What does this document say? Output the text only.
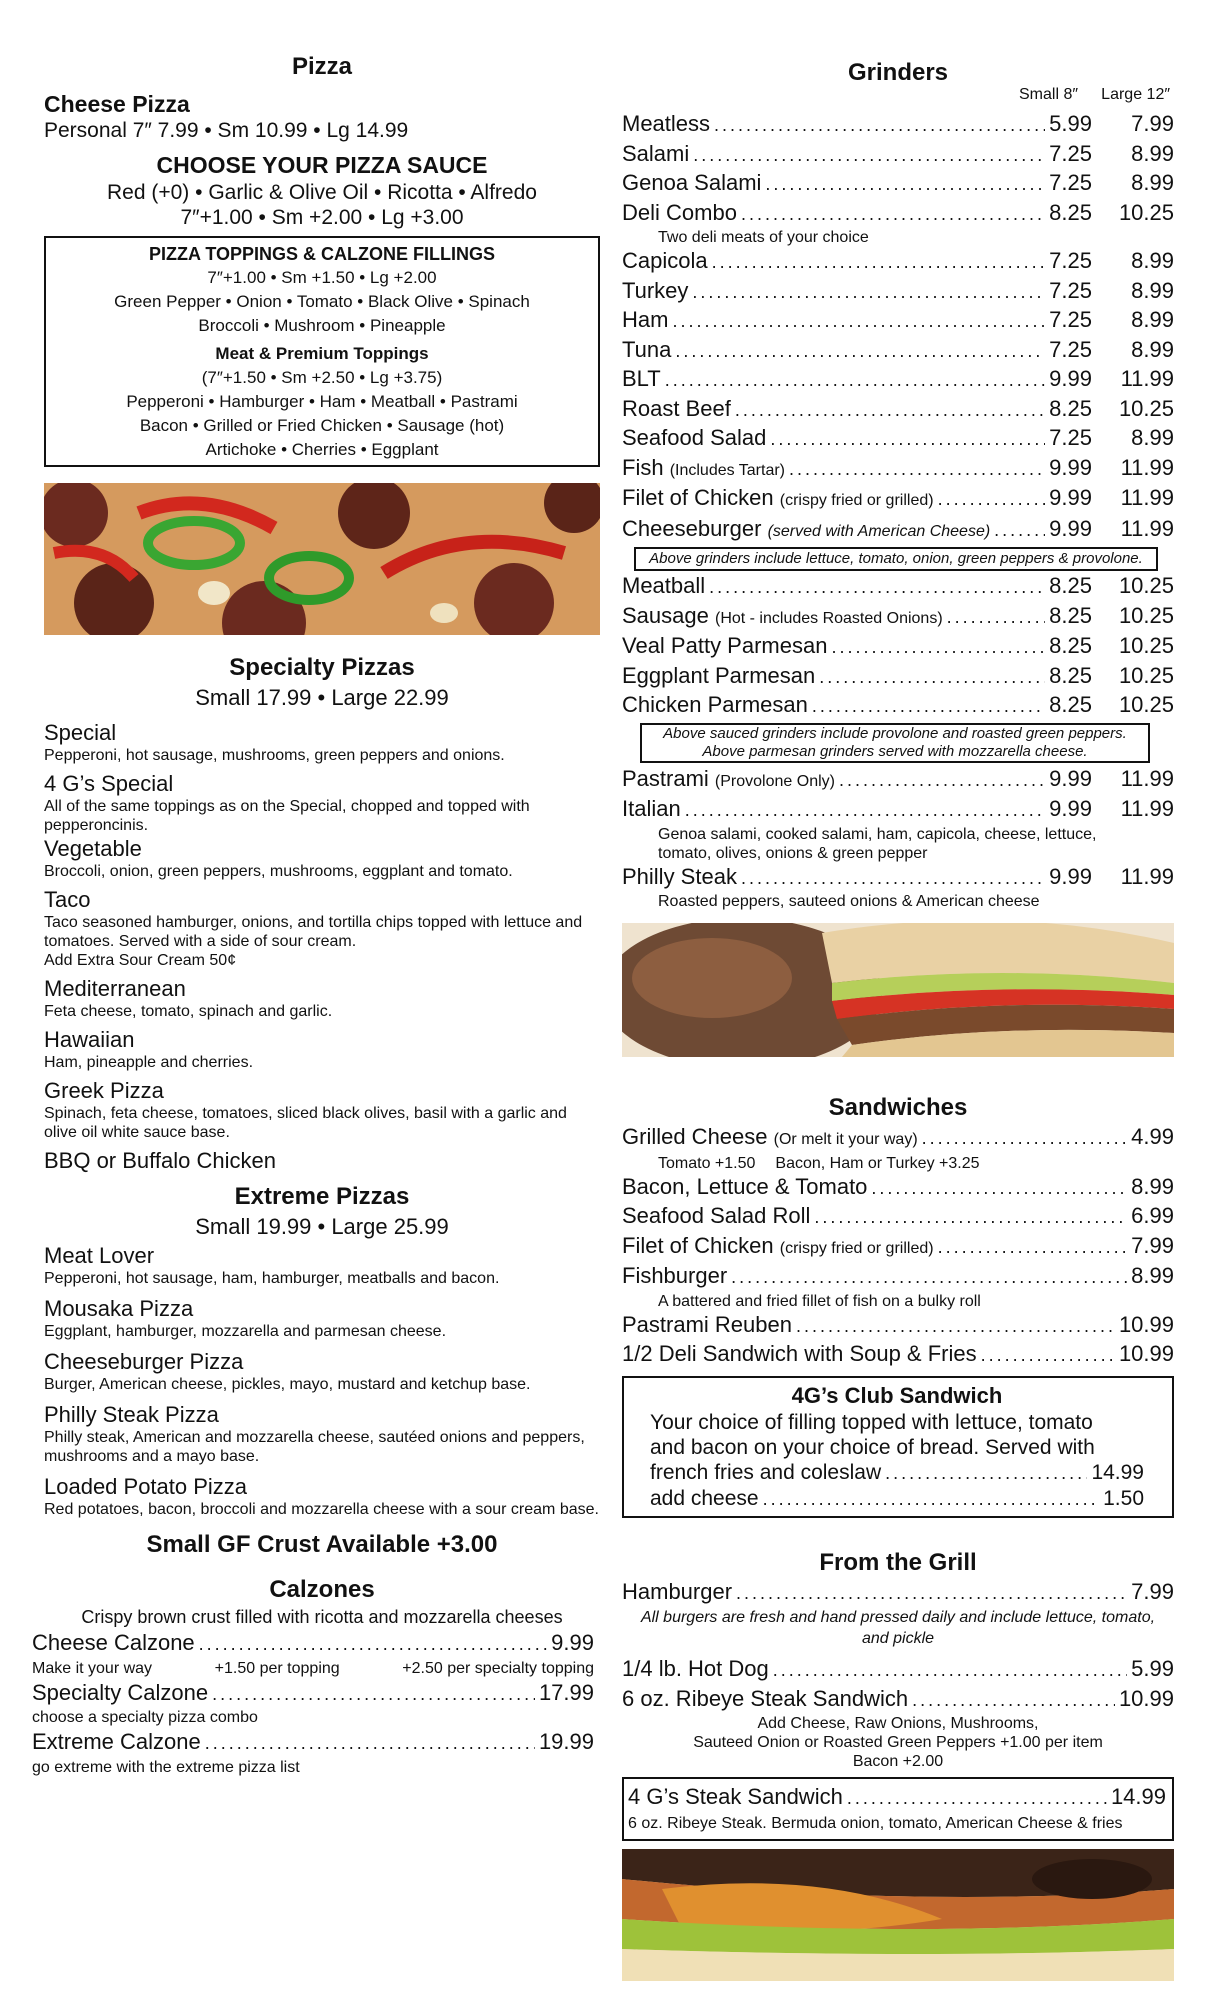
Pizza
Cheese Pizza
Personal 7″ 7.99 • Sm 10.99 • Lg 14.99
CHOOSE YOUR PIZZA SAUCE
Red (+0) • Garlic & Olive Oil • Ricotta • Alfredo
7″+1.00 • Sm +2.00 • Lg +3.00
PIZZA TOPPINGS & CALZONE FILLINGS
7″+1.00 • Sm +1.50 • Lg +2.00
Green Pepper • Onion • Tomato • Black Olive • Spinach
Broccoli • Mushroom • Pineapple
Meat & Premium Toppings
(7″+1.50 • Sm +2.50 • Lg +3.75)
Pepperoni • Hamburger • Ham • Meatball • Pastrami
Bacon • Grilled or Fried Chicken • Sausage (hot)
Artichoke • Cherries • Eggplant
Specialty Pizzas
Small 17.99 • Large 22.99
Special
Pepperoni, hot sausage, mushrooms, green peppers and onions.
4 G’s Special
All of the same toppings as on the Special, chopped and topped with pepperoncinis.
Vegetable
Broccoli, onion, green peppers, mushrooms, eggplant and tomato.
Taco
Taco seasoned hamburger, onions, and tortilla chips topped with lettuce and tomatoes. Served with a side of sour cream.
Add Extra Sour Cream 50¢
Mediterranean
Feta cheese, tomato, spinach and garlic.
Hawaiian
Ham, pineapple and cherries.
Greek Pizza
Spinach, feta cheese, tomatoes, sliced black olives, basil with a garlic and olive oil white sauce base.
BBQ or Buffalo Chicken
Extreme Pizzas
Small 19.99 • Large 25.99
Meat Lover
Pepperoni, hot sausage, ham, hamburger, meatballs and bacon.
Mousaka Pizza
Eggplant, hamburger, mozzarella and parmesan cheese.
Cheeseburger Pizza
Burger, American cheese, pickles, mayo, mustard and ketchup base.
Philly Steak Pizza
Philly steak, American and mozzarella cheese, sautéed onions and peppers, mushrooms and a mayo base.
Loaded Potato Pizza
Red potatoes, bacon, broccoli and mozzarella cheese with a sour cream base.
Small GF Crust Available +3.00
Calzones
Crispy brown crust filled with ricotta and mozzarella cheeses
Cheese Calzone .....	9.99
Make it your way	+1.50 per topping	+2.50 per specialty topping
Specialty Calzone .....	17.99
choose a specialty pizza combo
Extreme Calzone .....	19.99
go extreme with the extreme pizza list
Grinders
Small 8″ Large 12″
Meatless .....	5.99	7.99
Salami .....	7.25	8.99
Genoa Salami .....	7.25	8.99
Deli Combo .....	8.25	10.25
Two deli meats of your choice
Capicola .....	7.25	8.99
Turkey .....	7.25	8.99
Ham .....	7.25	8.99
Tuna .....	7.25	8.99
BLT .....	9.99	11.99
Roast Beef .....	8.25	10.25
Seafood Salad .....	7.25	8.99
Fish (Includes Tartar) .....	9.99	11.99
Filet of Chicken (crispy fried or grilled) .....	9.99	11.99
Cheeseburger (served with American Cheese) .....	9.99	11.99
Above grinders include lettuce, tomato, onion, green peppers & provolone.
Meatball .....	8.25	10.25
Sausage (Hot - includes Roasted Onions) .....	8.25	10.25
Veal Patty Parmesan .....	8.25	10.25
Eggplant Parmesan .....	8.25	10.25
Chicken Parmesan .....	8.25	10.25
Above sauced grinders include provolone and roasted green peppers.
Above parmesan grinders served with mozzarella cheese.
Pastrami (Provolone Only) .....	9.99	11.99
Italian .....	9.99	11.99
Genoa salami, cooked salami, ham, capicola, cheese, lettuce, tomato, olives, onions & green pepper
Philly Steak .....	9.99	11.99
Roasted peppers, sauteed onions & American cheese
Sandwiches
Grilled Cheese (Or melt it your way) .....	4.99
Tomato +1.50 Bacon, Ham or Turkey +3.25
Bacon, Lettuce & Tomato .....	8.99
Seafood Salad Roll .....	6.99
Filet of Chicken (crispy fried or grilled) .....	7.99
Fishburger .....	8.99
A battered and fried fillet of fish on a bulky roll
Pastrami Reuben .....	10.99
1/2 Deli Sandwich with Soup & Fries .....	10.99
4G’s Club Sandwich
Your choice of filling topped with lettuce, tomato
and bacon on your choice of bread. Served with
french fries and coleslaw .....	14.99
add cheese .....	1.50
From the Grill
Hamburger .....	7.99
All burgers are fresh and hand pressed daily and include lettuce, tomato, and pickle
1/4 lb. Hot Dog .....	5.99
6 oz. Ribeye Steak Sandwich .....	10.99
Add Cheese, Raw Onions, Mushrooms,
Sauteed Onion or Roasted Green Peppers +1.00 per item
Bacon +2.00
4 G’s Steak Sandwich .....	14.99
6 oz. Ribeye Steak. Bermuda onion, tomato, American Cheese & fries
